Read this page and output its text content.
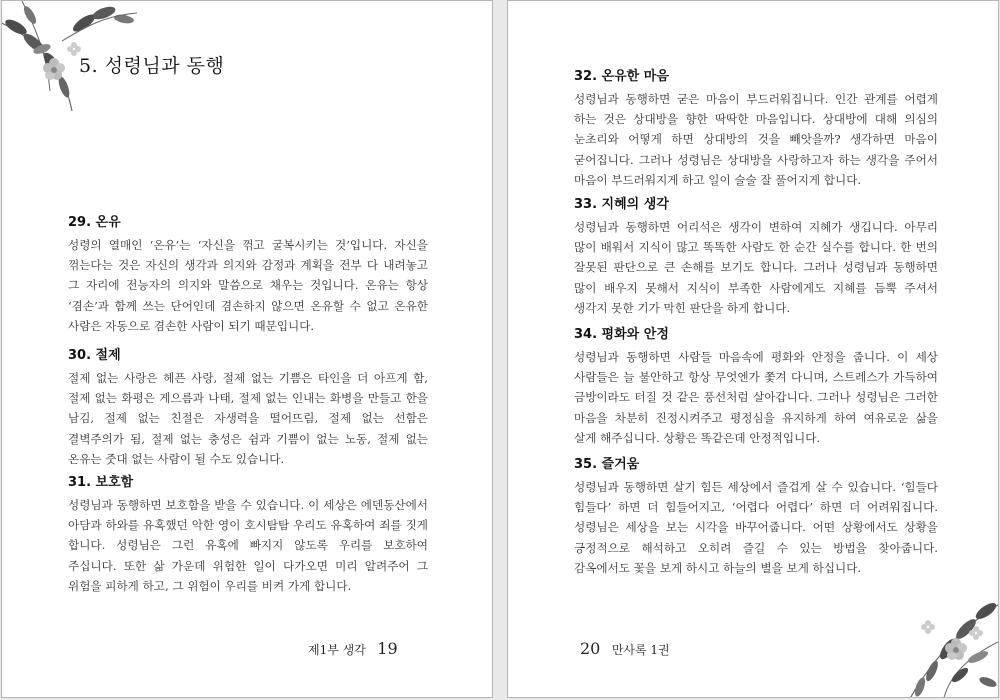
5. 성령님과 동행
29. 온유

성령의 열매인 ‘온유’는 ‘자신을 꺾고 굴복시키는 것’입니다. 자신을 꺾는다는 것은 자신의 생각과 의지와 감정과 계획을 전부 다 내려놓고 그 자리에 전능자의 의지와 말씀으로 채우는 것입니다. 온유는 항상 ‘겸손’과 함께 쓰는 단어인데 겸손하지 않으면 온유할 수 없고 온유한 사람은 자동으로 겸손한 사람이 되기 때문입니다.

30. 절제

절제 없는 사랑은 헤픈 사랑, 절제 없는 기쁨은 타인을 더 아프게 함, 절제 없는 화평은 게으름과 나태, 절제 없는 인내는 화병을 만들고 한을 남김, 절제 없는 친절은 자생력을 떨어뜨림, 절제 없는 선함은 결벽주의가 됨, 절제 없는 충성은 쉼과 기쁨이 없는 노동, 절제 없는 온유는 줏대 없는 사람이 될 수도 있습니다.

31. 보호함

성령님과 동행하면 보호함을 받을 수 있습니다. 이 세상은 에덴동산에서 아담과 하와를 유혹했던 악한 영이 호시탐탐 우리도 유혹하여 죄를 짓게 합니다. 성령님은 그런 유혹에 빠지지 않도록 우리를 보호하여 주십니다. 또한 삶 가운데 위험한 일이 다가오면 미리 알려주어 그 위험을 피하게 하고, 그 위험이 우리를 비켜 가게 합니다.

제1부 생각 19
32. 온유한 마음

성령님과 동행하면 굳은 마음이 부드러워집니다. 인간 관계를 어렵게 하는 것은 상대방을 향한 딱딱한 마음입니다. 상대방에 대해 의심의 눈초리와 어떻게 하면 상대방의 것을 빼앗을까? 생각하면 마음이 굳어집니다. 그러나 성령님은 상대방을 사랑하고자 하는 생각을 주어서 마음이 부드러워지게 하고 일이 술술 잘 풀어지게 합니다.

33. 지혜의 생각

성령님과 동행하면 어리석은 생각이 변하여 지혜가 생깁니다. 아무리 많이 배워서 지식이 많고 똑똑한 사람도 한 순간 실수를 합니다. 한 번의 잘못된 판단으로 큰 손해를 보기도 합니다. 그러나 성령님과 동행하면 많이 배우지 못해서 지식이 부족한 사람에게도 지혜를 듬뿍 주셔서 생각지 못한 기가 막힌 판단을 하게 합니다.

34. 평화와 안정

성령님과 동행하면 사람들 마음속에 평화와 안정을 줍니다. 이 세상 사람들은 늘 불안하고 항상 무엇엔가 쫓겨 다니며, 스트레스가 가득하여 금방이라도 터질 것 같은 풍선처럼 살아갑니다. 그러나 성령님은 그러한 마음을 차분히 진정시켜주고 평정심을 유지하게 하여 여유로운 삶을 살게 해주십니다. 상황은 똑같은데 안정적입니다.

35. 즐거움

성령님과 동행하면 살기 힘든 세상에서 즐겁게 살 수 있습니다. ‘힘들다 힘들다’ 하면 더 힘들어지고, ‘어렵다 어렵다’ 하면 더 어려워집니다. 성령님은 세상을 보는 시각을 바꾸어줍니다. 어떤 상황에서도 상황을 긍정적으로 해석하고 오히려 즐길 수 있는 방법을 찾아줍니다. 감옥에서도 꽃을 보게 하시고 하늘의 별을 보게 하십니다.

20 만사록 1권
